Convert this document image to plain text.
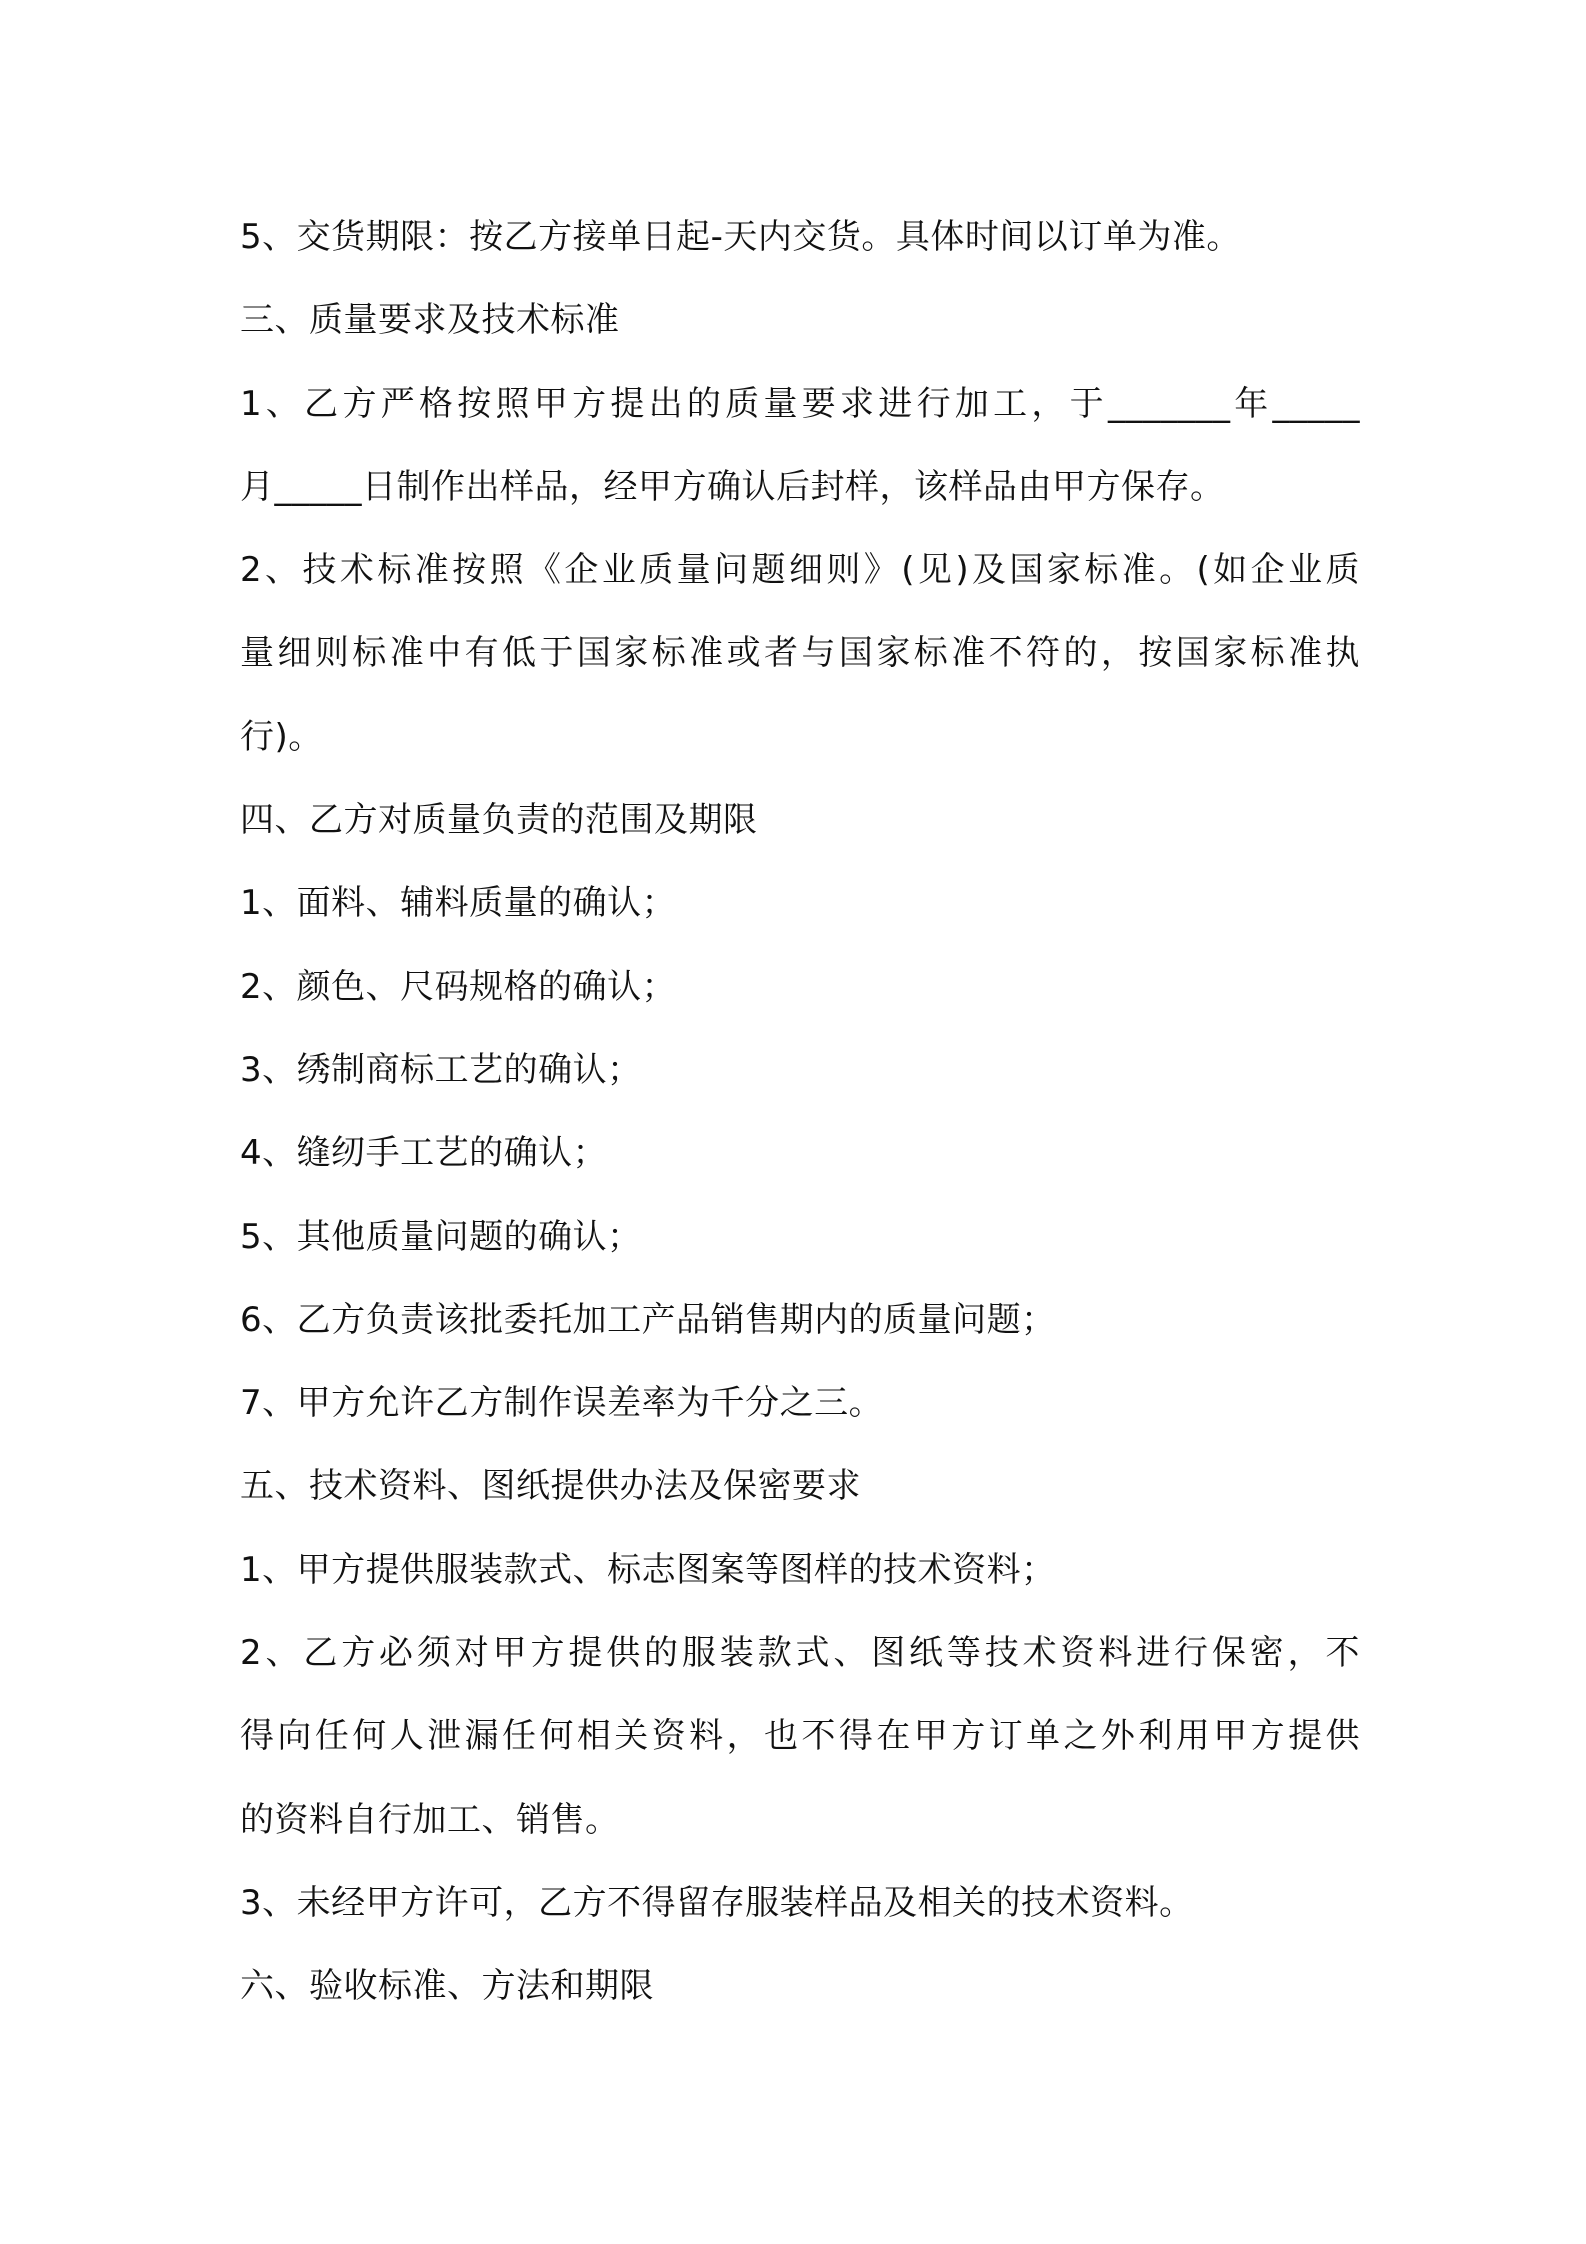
5、交货期限：按乙方接单日起-天内交货。具体时间以订单为准。
三、质量要求及技术标准
1、乙方严格按照甲方提出的质量要求进行加工，于_______年_____
月_____日制作出样品，经甲方确认后封样，该样品由甲方保存。
2、技术标准按照《企业质量问题细则》(见)及国家标准。(如企业质
量细则标准中有低于国家标准或者与国家标准不符的，按国家标准执
行)。
四、乙方对质量负责的范围及期限
1、面料、辅料质量的确认；
2、颜色、尺码规格的确认；
3、绣制商标工艺的确认；
4、缝纫手工艺的确认；
5、其他质量问题的确认；
6、乙方负责该批委托加工产品销售期内的质量问题；
7、甲方允许乙方制作误差率为千分之三。
五、技术资料、图纸提供办法及保密要求
1、甲方提供服装款式、标志图案等图样的技术资料；
2、乙方必须对甲方提供的服装款式、图纸等技术资料进行保密，不
得向任何人泄漏任何相关资料，也不得在甲方订单之外利用甲方提供
的资料自行加工、销售。
3、未经甲方许可，乙方不得留存服装样品及相关的技术资料。
六、验收标准、方法和期限
